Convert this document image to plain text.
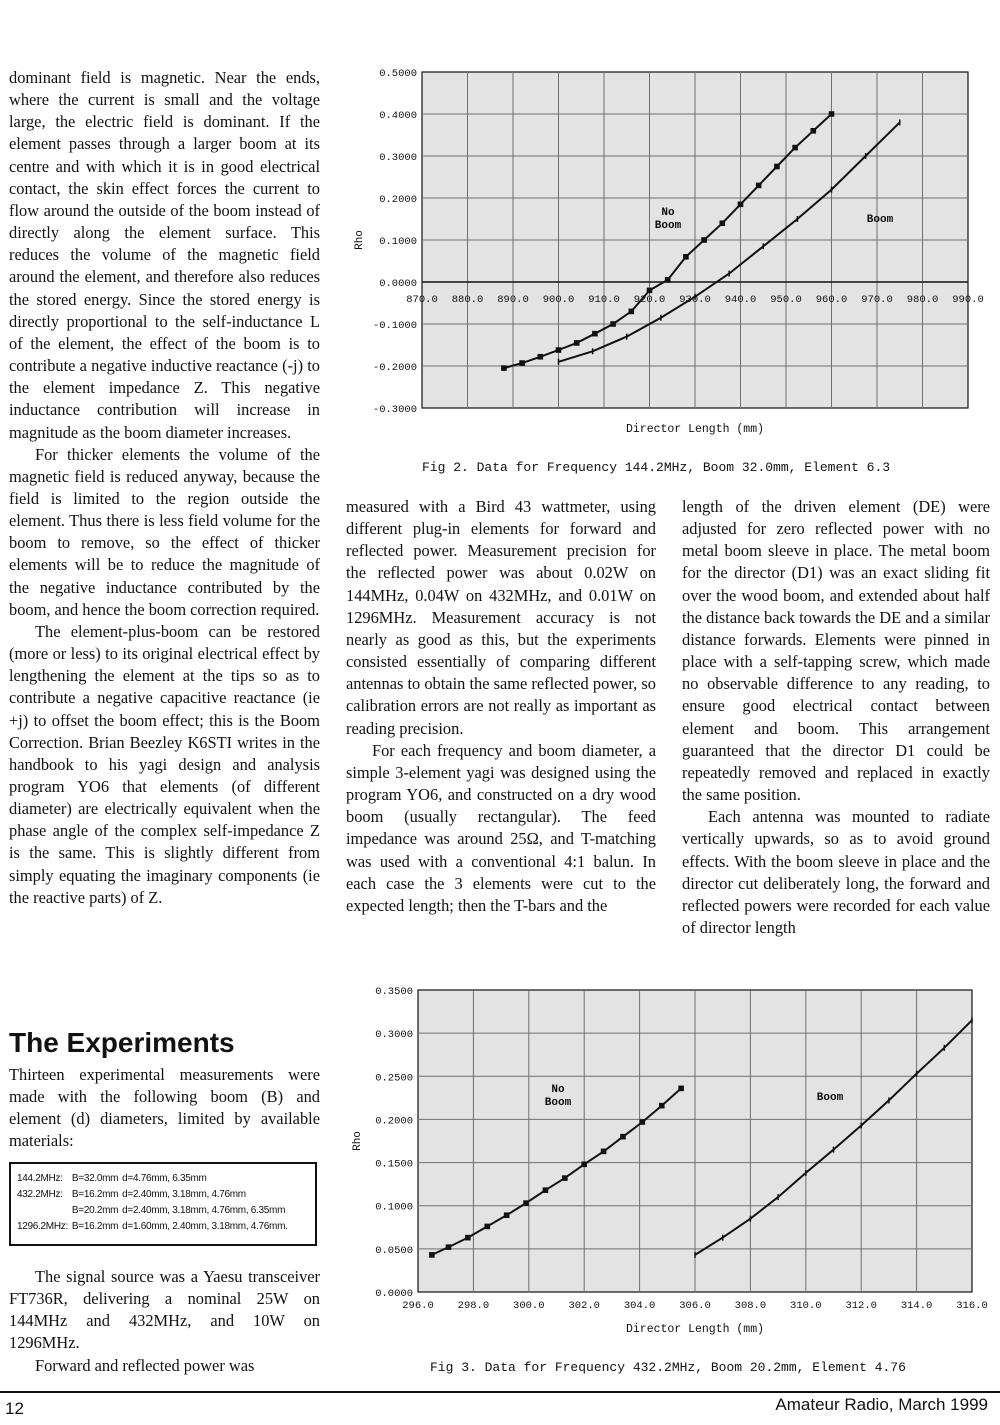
dominant field is magnetic. Near the ends, where the current is small and the voltage large, the electric field is dominant. If the element passes through a larger boom at its centre and with which it is in good electrical contact, the skin effect forces the current to flow around the outside of the boom instead of directly along the element surface. This reduces the volume of the magnetic field around the element, and therefore also reduces the stored energy. Since the stored energy is directly proportional to the self-inductance L of the element, the effect of the boom is to contribute a negative inductive reactance (-j) to the element impedance Z. This negative inductance contribution will increase in magnitude as the boom diameter increases.

For thicker elements the volume of the magnetic field is reduced anyway, because the field is limited to the region outside the element. Thus there is less field volume for the boom to remove, so the effect of thicker elements will be to reduce the magnitude of the negative inductance contributed by the boom, and hence the boom correction required.

The element-plus-boom can be restored (more or less) to its original electrical effect by lengthening the element at the tips so as to contribute a negative capacitive reactance (ie +j) to offset the boom effect; this is the Boom Correction. Brian Beezley K6STI writes in the handbook to his yagi design and analysis program YO6 that elements (of different diameter) are electrically equivalent when the phase angle of the complex self-impedance Z is the same. This is slightly different from simply equating the imaginary components (ie the reactive parts) of Z.

The Experiments

Thirteen experimental measurements were made with the following boom (B) and element (d) diameters, limited by available materials:

144.2MHz:	B=32.0mm	d=4.76mm, 6.35mm
432.2MHz:	B=16.2mm	d=2.40mm, 3.18mm, 4.76mm
	B=20.2mm	d=2.40mm, 3.18mm, 4.76mm, 6.35mm
1296.2MHz:	B=16.2mm	d=1.60mm, 2.40mm, 3.18mm, 4.76mm.

The signal source was a Yaesu transceiver FT736R, delivering a nominal 25W on 144MHz and 432MHz, and 10W on 1296MHz.

Forward and reflected power was

measured with a Bird 43 wattmeter, using different plug-in elements for forward and reflected power. Measurement precision for the reflected power was about 0.02W on 144MHz, 0.04W on 432MHz, and 0.01W on 1296MHz. Measurement accuracy is not nearly as good as this, but the experiments consisted essentially of comparing different antennas to obtain the same reflected power, so calibration errors are not really as important as reading precision.

For each frequency and boom diameter, a simple 3-element yagi was designed using the program YO6, and constructed on a dry wood boom (usually rectangular). The feed impedance was around 25Ω, and T-matching was used with a conventional 4:1 balun. In each case the 3 elements were cut to the expected length; then the T-bars and the

length of the driven element (DE) were adjusted for zero reflected power with no metal boom sleeve in place. The metal boom for the director (D1) was an exact sliding fit over the wood boom, and extended about half the distance back towards the DE and a similar distance forwards. Elements were pinned in place with a self-tapping screw, which made no observable difference to any reading, to ensure good electrical contact between element and boom. This arrangement guaranteed that the director D1 could be repeatedly removed and replaced in exactly the same position.

Each antenna was mounted to radiate vertically upwards, so as to avoid ground effects. With the boom sleeve in place and the director cut deliberately long, the forward and reflected powers were recorded for each value of director length

870.0 880.0 890.0 900.0 910.0 920.0 930.0 940.0 950.0 960.0 970.0 980.0 990.0
0.5000
0.4000
0.3000
0.2000
0.1000
0.0000
-0.1000
-0.2000
-0.3000
No Boom	Boom
Director Length (mm)
Rho
Fig 2. Data for Frequency 144.2MHz, Boom 32.0mm, Element 6.3
296.0 298.0 300.0 302.0 304.0 306.0 308.0 310.0 312.0 314.0 316.0
0.3500
0.3000
0.2500
0.2000
0.1500
0.1000
0.0500
0.0000
No Boom	Boom
Director Length (mm)
Rho
Fig 3. Data for Frequency 432.2MHz, Boom 20.2mm, Element 4.76
12	Amateur Radio, March 1999
